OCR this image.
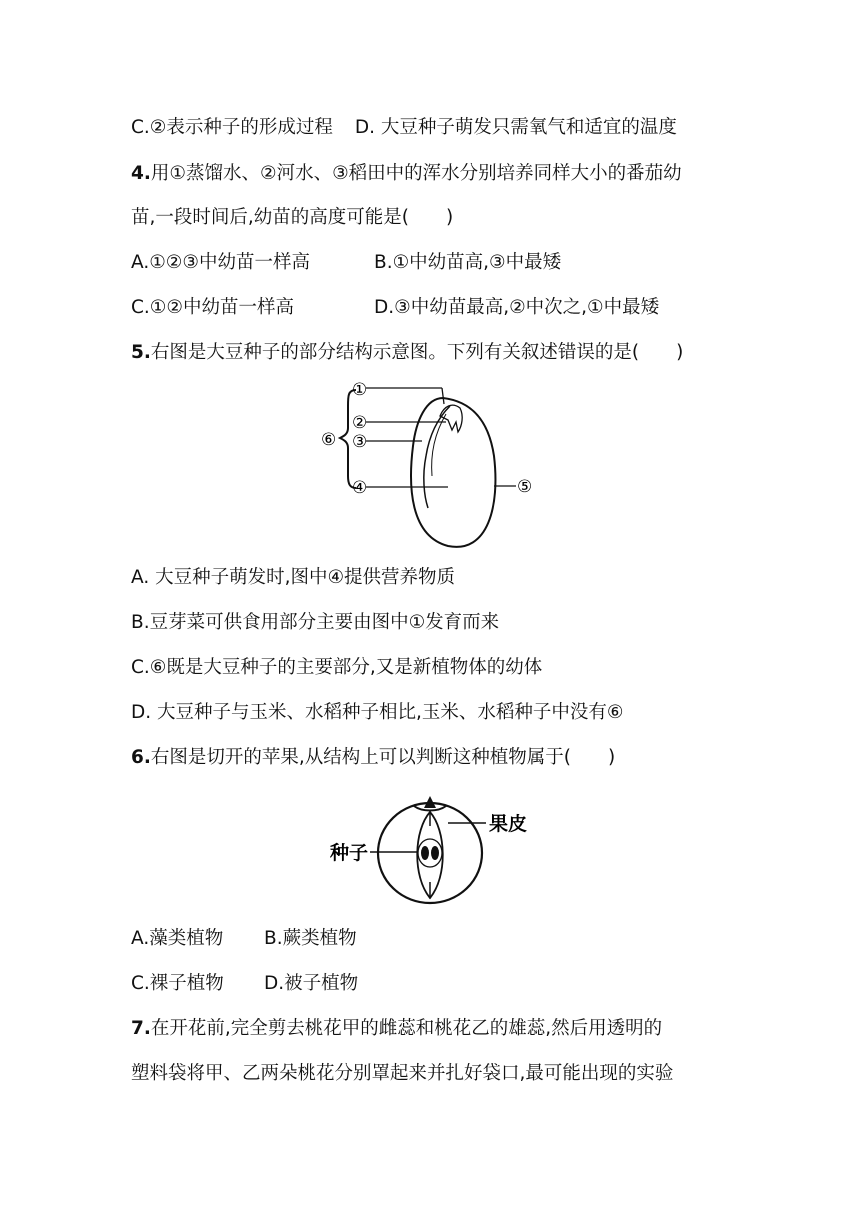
C.②表示种子的形成过程 D. 大豆种子萌发只需氧气和适宜的温度
4.用①蒸馏水、②河水、③稻田中的浑水分别培养同样大小的番茄幼
苗,一段时间后,幼苗的高度可能是(　　)
A.①②③中幼苗一样高	B.①中幼苗高,③中最矮
C.①②中幼苗一样高	D.③中幼苗最高,②中次之,①中最矮
5.右图是大豆种子的部分结构示意图。下列有关叙述错误的是(　　)
①
②
③
④	⑤
⑥
A. 大豆种子萌发时,图中④提供营养物质
B.豆芽菜可供食用部分主要由图中①发育而来
C.⑥既是大豆种子的主要部分,又是新植物体的幼体
D. 大豆种子与玉米、水稻种子相比,玉米、水稻种子中没有⑥
6.右图是切开的苹果,从结构上可以判断这种植物属于(　　)
果皮
种子
A.藻类植物 B.蕨类植物
C.裸子植物 D.被子植物
7.在开花前,完全剪去桃花甲的雌蕊和桃花乙的雄蕊,然后用透明的
塑料袋将甲、乙两朵桃花分别罩起来并扎好袋口,最可能出现的实验
